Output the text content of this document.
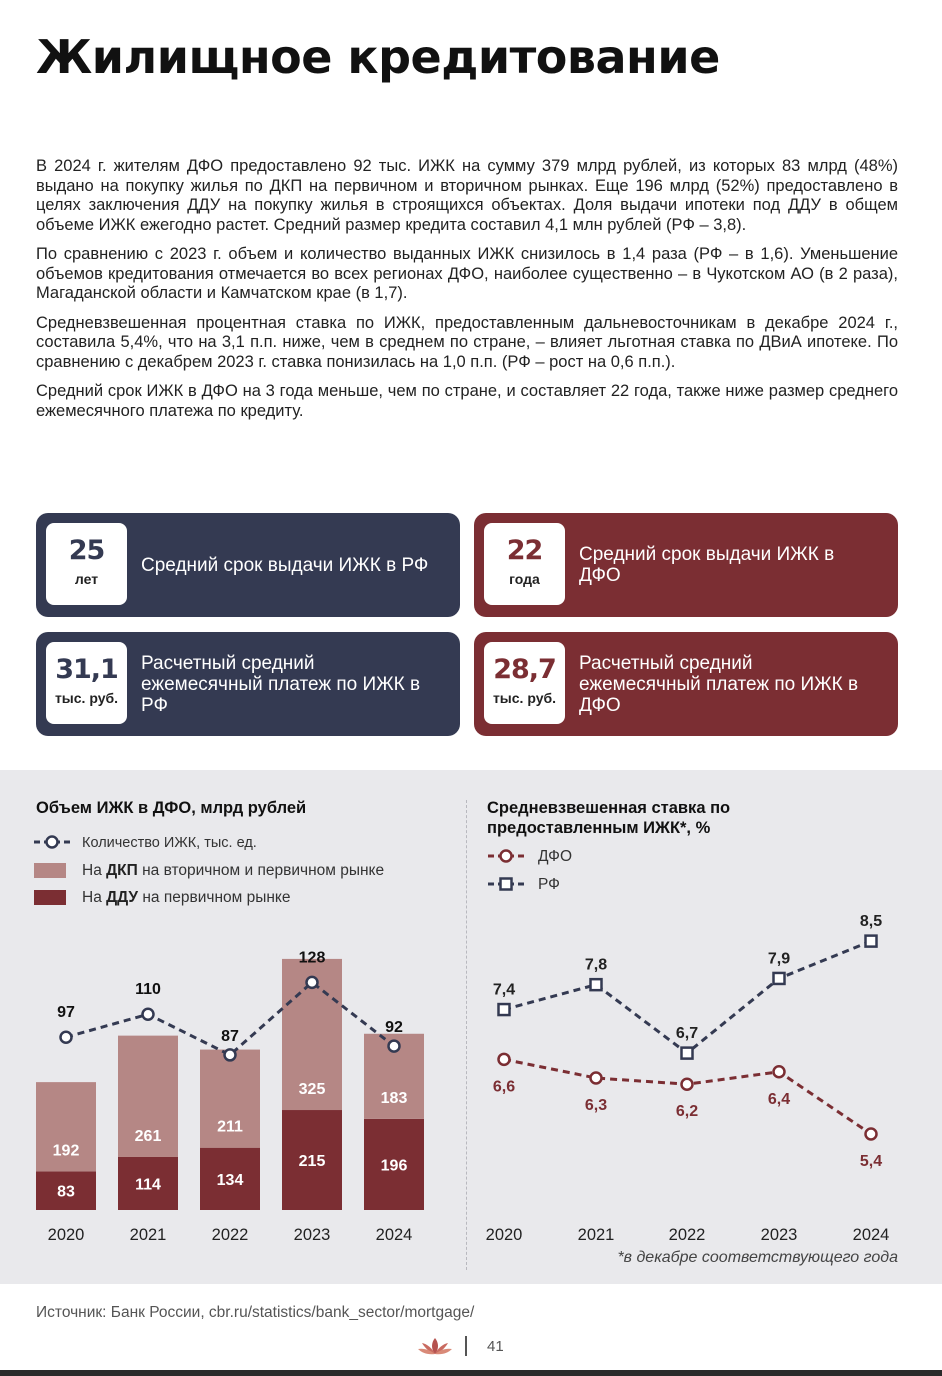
Жилищное кредитование

В 2024 г. жителям ДФО предоставлено 92 тыс. ИЖК на сумму 379 млрд рублей, из которых 83 млрд (48%) выдано на покупку жилья по ДКП на первичном и вторичном рынках. Еще 196 млрд (52%) предоставлено в целях заключения ДДУ на покупку жилья в строящихся объектах. Доля выдачи ипотеки под ДДУ в общем объеме ИЖК ежегодно растет. Средний размер кредита составил 4,1 млн рублей (РФ – 3,8).

По сравнению с 2023 г. объем и количество выданных ИЖК снизилось в 1,4 раза (РФ – в 1,6). Уменьшение объемов кредитования отмечается во всех регионах ДФО, наиболее существенно – в Чукотском АО (в 2 раза), Магаданской области и Камчатском крае (в 1,7).

Средневзвешенная процентная ставка по ИЖК, предоставленным дальневосточникам в декабре 2024 г., составила 5,4%, что на 3,1 п.п. ниже, чем в среднем по стране, – влияет льготная ставка по ДВиА ипотеке. По сравнению с декабрем 2023 г. ставка понизилась на 1,0 п.п. (РФ – рост на 0,6 п.п.).

Средний срок ИЖК в ДФО на 3 года меньше, чем по стране, и составляет 22 года, также ниже размер среднего ежемесячного платежа по кредиту.

25
лет
Средний срок выдачи ИЖК в РФ	22
года
Средний срок выдачи ИЖК в ДФО
31,1
тыс. руб.
Расчетный средний ежемесячный платеж по ИЖК в РФ
28,7
тыс. руб.
Расчетный средний ежемесячный платеж по ИЖК в ДФО
Объем ИЖК в ДФО, млрд рублей
Количество ИЖК, тыс. ед.
На ДКП на вторичном и первичном рынке
На ДДУ на первичном рынке
83
192
2020
114
261
2021
134
211
2022
215
325
2023
196
183
2024
97
110
87
128
92
Средневзвешенная ставка по предоставленным ИЖК*, %
ДФО
РФ
6,6
6,3	6,2
6,4
5,4
7,4
7,8
6,7
7,9
8,5
2020	2021	2022	2023	2024
*в декабре соответствующего года
Источник: Банк России, cbr.ru/statistics/bank_sector/mortgage/
41
